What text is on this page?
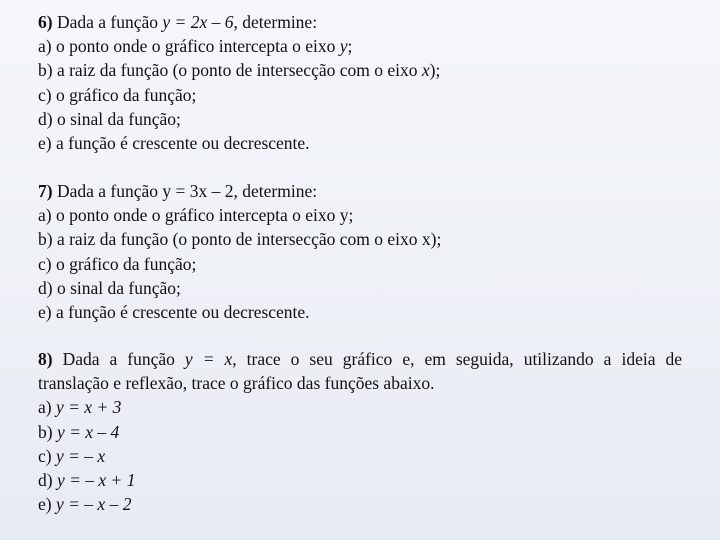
6) Dada a função y = 2x – 6, determine:
a) o ponto onde o gráfico intercepta o eixo y;
b) a raiz da função (o ponto de intersecção com o eixo x);
c) o gráfico da função;
d) o sinal da função;
e) a função é crescente ou decrescente.
7) Dada a função y = 3x – 2, determine:
a) o ponto onde o gráfico intercepta o eixo y;
b) a raiz da função (o ponto de intersecção com o eixo x);
c) o gráfico da função;
d) o sinal da função;
e) a função é crescente ou decrescente.
8) Dada a função y = x, trace o seu gráfico e, em seguida, utilizando a ideia de
translação e reflexão, trace o gráfico das funções abaixo.
a) y = x + 3
b) y = x – 4
c) y = – x
d) y = – x + 1
e) y = – x – 2
